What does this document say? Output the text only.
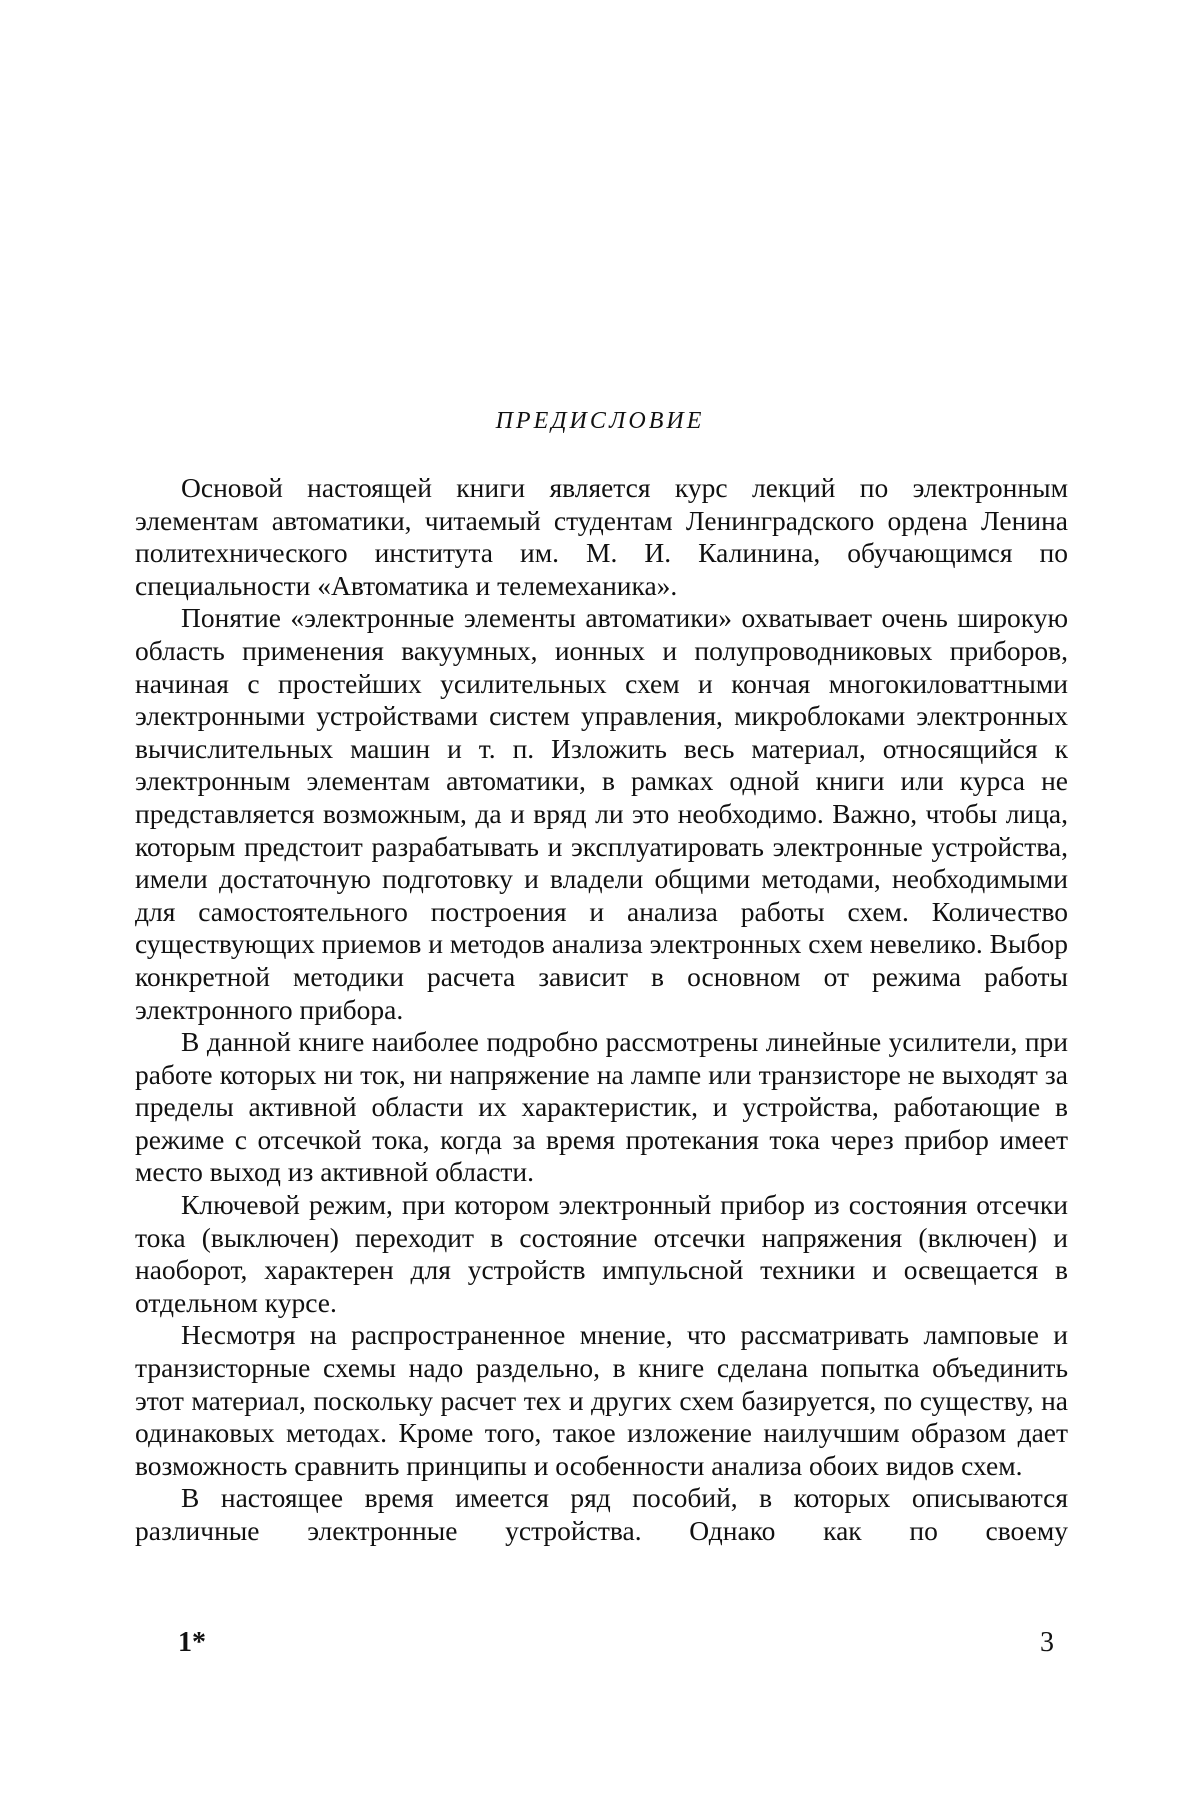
ПРЕДИСЛОВИЕ

Основой настоящей книги является курс лекций по электронным элементам автоматики, читаемый студентам Ленинградского ордена Ленина политехнического института им. М. И. Калинина, обучающимся по специальности «Автоматика и телемеханика».

Понятие «электронные элементы автоматики» охватывает очень широкую область применения вакуумных, ионных и полупроводниковых приборов, начиная с простейших усилительных схем и кончая многокиловаттными электронными устройствами систем управления, микроблоками электронных вычислительных машин и т. п. Изложить весь материал, относящийся к электронным элементам автоматики, в рамках одной книги или курса не представляется возможным, да и вряд ли это необходимо. Важно, чтобы лица, которым предстоит разрабатывать и эксплуатировать электронные устройства, имели достаточную подготовку и владели общими методами, необходимыми для самостоятельного построения и анализа работы схем. Количество существующих приемов и методов анализа электронных схем невелико. Выбор конкретной методики расчета зависит в основном от режима работы электронного прибора.

В данной книге наиболее подробно рассмотрены линейные усилители, при работе которых ни ток, ни напряжение на лампе или транзисторе не выходят за пределы активной области их характеристик, и устройства, работающие в режиме с отсечкой тока, когда за время протекания тока через прибор имеет место выход из активной области.

Ключевой режим, при котором электронный прибор из состояния отсечки тока (выключен) переходит в состояние отсечки напряжения (включен) и наоборот, характерен для устройств импульсной техники и освещается в отдельном курсе.

Несмотря на распространенное мнение, что рассматривать ламповые и транзисторные схемы надо раздельно, в книге сделана попытка объединить этот материал, поскольку расчет тех и других схем базируется, по существу, на одинаковых методах. Кроме того, такое изложение наилучшим образом дает возможность сравнить принципы и особенности анализа обоих видов схем.

В настоящее время имеется ряд пособий, в которых описываются различные электронные устройства. Однако как по своему

1*	3
